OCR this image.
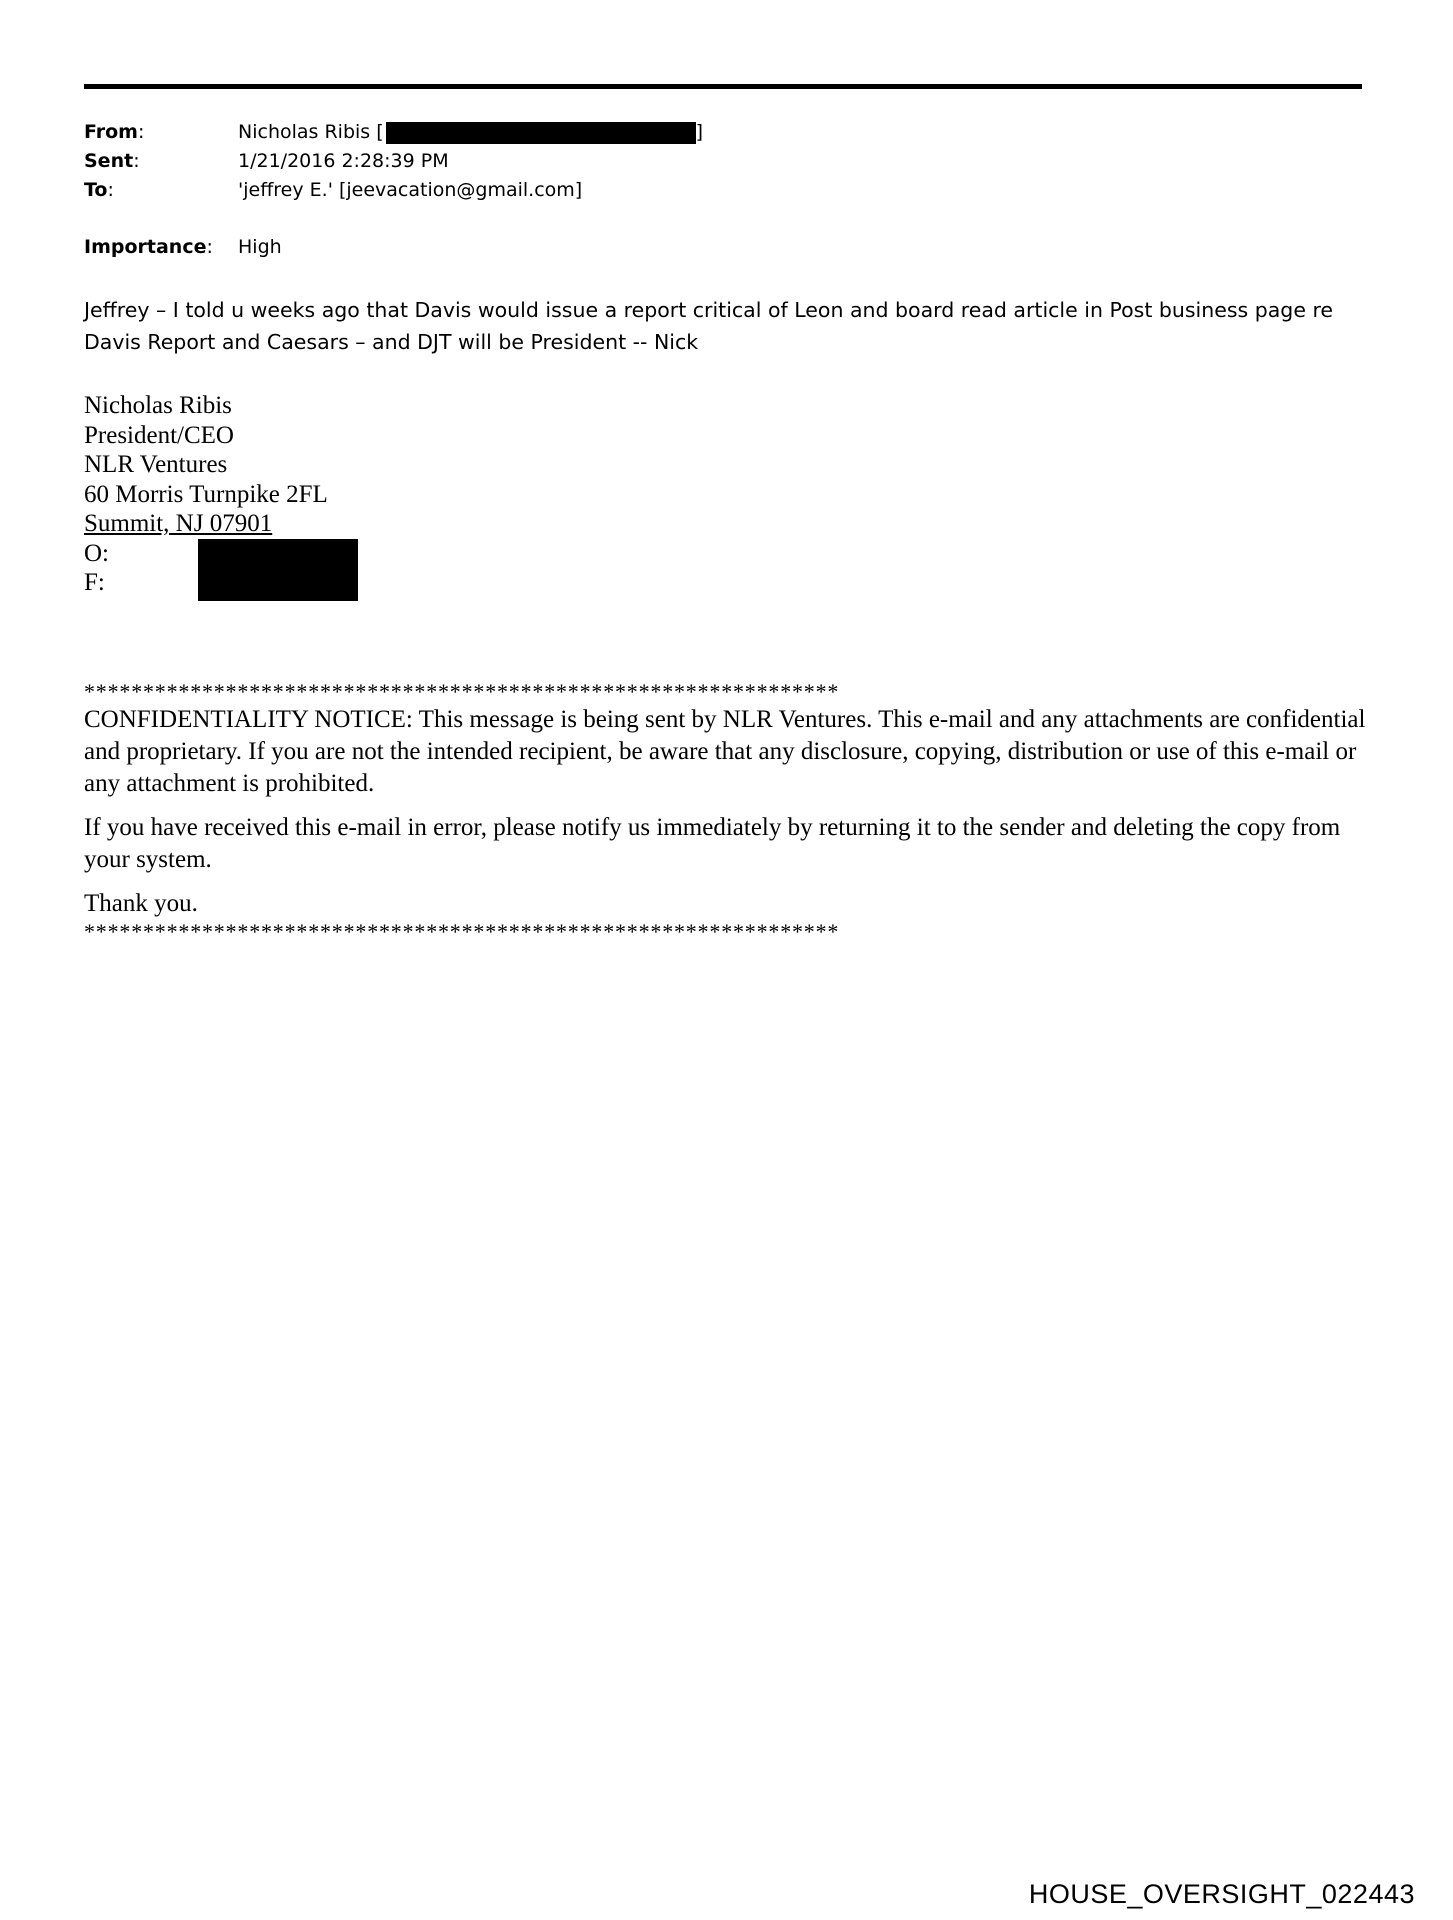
From:	Nicholas Ribis [	]
Sent:	1/21/2016 2:28:39 PM
To:	'jeffrey E.' [jeevacation@gmail.com]
Importance:	High

Jeffrey – I told u weeks ago that Davis would issue a report critical of Leon and board read article in Post business page re Davis Report and Caesars – and DJT will be President -- Nick

Nicholas Ribis
President/CEO
NLR Ventures
60 Morris Turnpike 2FL
Summit, NJ 07901
O:
F:
****************************************************************

CONFIDENTIALITY NOTICE: This message is being sent by NLR Ventures. This e-mail and any attachments are confidential and proprietary. If you are not the intended recipient, be aware that any disclosure, copying, distribution or use of this e-mail or any attachment is prohibited.

If you have received this e-mail in error, please notify us immediately by returning it to the sender and deleting the copy from your system.

Thank you.

****************************************************************
HOUSE_OVERSIGHT_022443
